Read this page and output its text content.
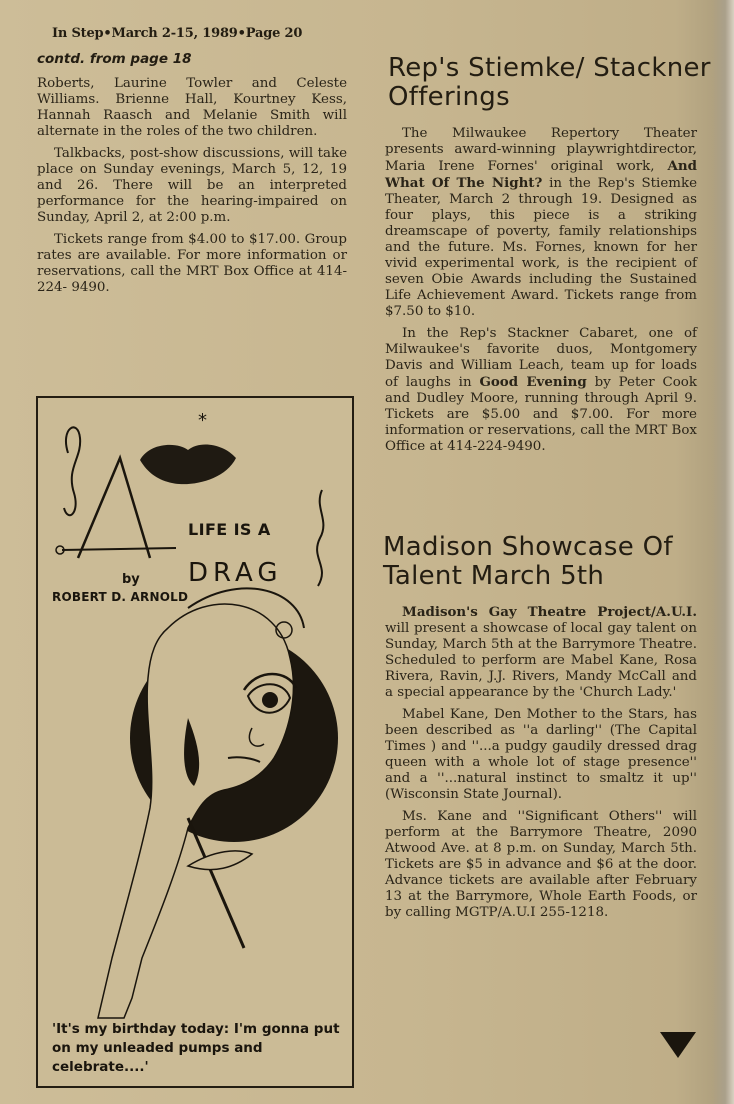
In Step•March 2-15, 1989•Page 20
contd. from page 18

Roberts, Laurine Towler and Celeste Williams. Brienne Hall, Kourtney Kess, Hannah Raasch and Melanie Smith will alternate in the roles of the two children.

Talkbacks, post-show discussions, will take place on Sunday evenings, March 5, 12, 19 and 26. There will be an interpreted performance for the hearing-impaired on Sunday, April 2, at 2:00 p.m.

Tickets range from $4.00 to $17.00. Group rates are available. For more information or reservations, call the MRT Box Office at 414-224- 9490.

Rep's Stiemke/ Stackner Offerings

The Milwaukee Repertory Theater presents award-winning playwrightdirector, Maria Irene Fornes' original work, And What Of The Night? in the Rep's Stiemke Theater, March 2 through 19. Designed as four plays, this piece is a striking dreamscape of poverty, family relationships and the future. Ms. Fornes, known for her vivid experimental work, is the recipient of seven Obie Awards including the Sustained Life Achievement Award. Tickets range from $7.50 to $10.

In the Rep's Stackner Cabaret, one of Milwaukee's favorite duos, Montgomery Davis and William Leach, team up for loads of laughs in Good Evening by Peter Cook and Dudley Moore, running through April 9. Tickets are $5.00 and $7.00. For more information or reservations, call the MRT Box Office at 414-224-9490.

Madison Showcase Of Talent March 5th

Madison's Gay Theatre Project/A.U.I. will present a showcase of local gay talent on Sunday, March 5th at the Barrymore Theatre. Scheduled to perform are Mabel Kane, Rosa Rivera, Ravin, J.J. Rivers, Mandy McCall and a special appearance by the 'Church Lady.'

Mabel Kane, Den Mother to the Stars, has been described as ''a darling'' (The Capital Times ) and ''...a pudgy gaudily dressed drag queen with a whole lot of stage presence'' and a ''...natural instinct to smaltz it up'' (Wisconsin State Journal).

Ms. Kane and ''Significant Others'' will perform at the Barrymore Theatre, 2090 Atwood Ave. at 8 p.m. on Sunday, March 5th. Tickets are $5 in advance and $6 at the door. Advance tickets are available after February 13 at the Barrymore, Whole Earth Foods, or by calling MGTP/A.U.I 255-1218.

*
LIFE IS A
DRAG
by
ROBERT D. ARNOLD
'It's my birthday today: I'm gonna put on my unleaded pumps and celebrate....'
